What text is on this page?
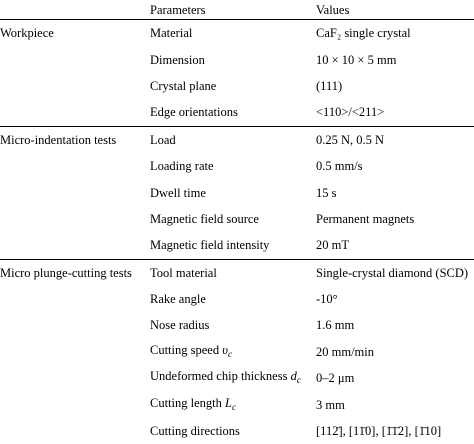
	Parameters	Values
Workpiece	Material	CaF₂ single crystal
	Dimension	10 × 10 × 5 mm
	Crystal plane	(111)
	Edge orientations	<110>/<211>
Micro-indentation tests	Load	0.25 N, 0.5 N
	Loading rate	0.5 mm/s
	Dwell time	15 s
	Magnetic field source	Permanent magnets
	Magnetic field intensity	20 mT
Micro plunge-cutting tests	Tool material	Single-crystal diamond (SCD)
	Rake angle	-10°
	Nose radius	1.6 mm
	Cutting speed $\upsilon_c$	20 mm/min
	Undeformed chip thickness $d_c$	0–2 μm
	Cutting length $L_c$	3 mm
	Cutting directions	[112̄], [11̄0], [1̄1̄2], [1̄10]
